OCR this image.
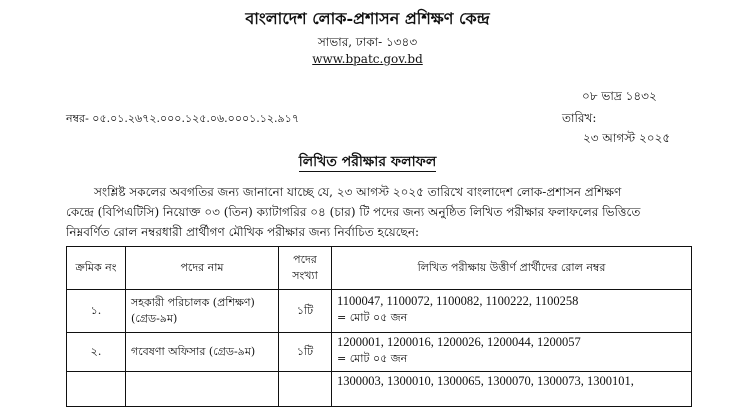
বাংলাদেশ লোক-প্রশাসন প্রশিক্ষণ কেন্দ্র
সাভার, ঢাকা- ১৩৪৩
www.bpatc.gov.bd
০৮ ভাদ্র ১৪৩২
নম্বর- ০৫.০১.২৬৭২.০০০.১২৫.০৬.০০০১.১২.৯১৭	তারিখ:
২৩ আগস্ট ২০২৫
লিখিত পরীক্ষার ফলাফল
সংশ্লিষ্ট সকলের অবগতির জন্য জানানো যাচ্ছে যে, ২৩ আগস্ট ২০২৫ তারিখে বাংলাদেশ লোক-প্রশাসন প্রশিক্ষণ
কেন্দ্রে (বিপিএটিসি) নিয়োক্ত ০৩ (তিন) ক্যাটাগরির ০৪ (চার) টি পদের জন্য অনুষ্ঠিত লিখিত পরীক্ষার ফলাফলের ভিত্তিতে
নিম্নবর্ণিত রোল নম্বরধারী প্রার্থীগণ মৌখিক পরীক্ষার জন্য নির্বাচিত হয়েছেন:
ক্রমিক নং	পদের নাম	পদের সংখ্যা	লিখিত পরীক্ষায় উত্তীর্ণ প্রার্থীদের রোল নম্বর
১.	সহকারী পরিচালক (প্রশিক্ষণ) (গ্রেড-৯ম)	১টি	1100047, 1100072, 1100082, 1100222, 1100258
= মোট ০৫ জন

২.	গবেষণা অফিসার (গ্রেড-৯ম)	১টি	1200001, 1200016, 1200026, 1200044, 1200057
= মোট ০৫ জন

			1300003, 1300010, 1300065, 1300070, 1300073, 1300101,
